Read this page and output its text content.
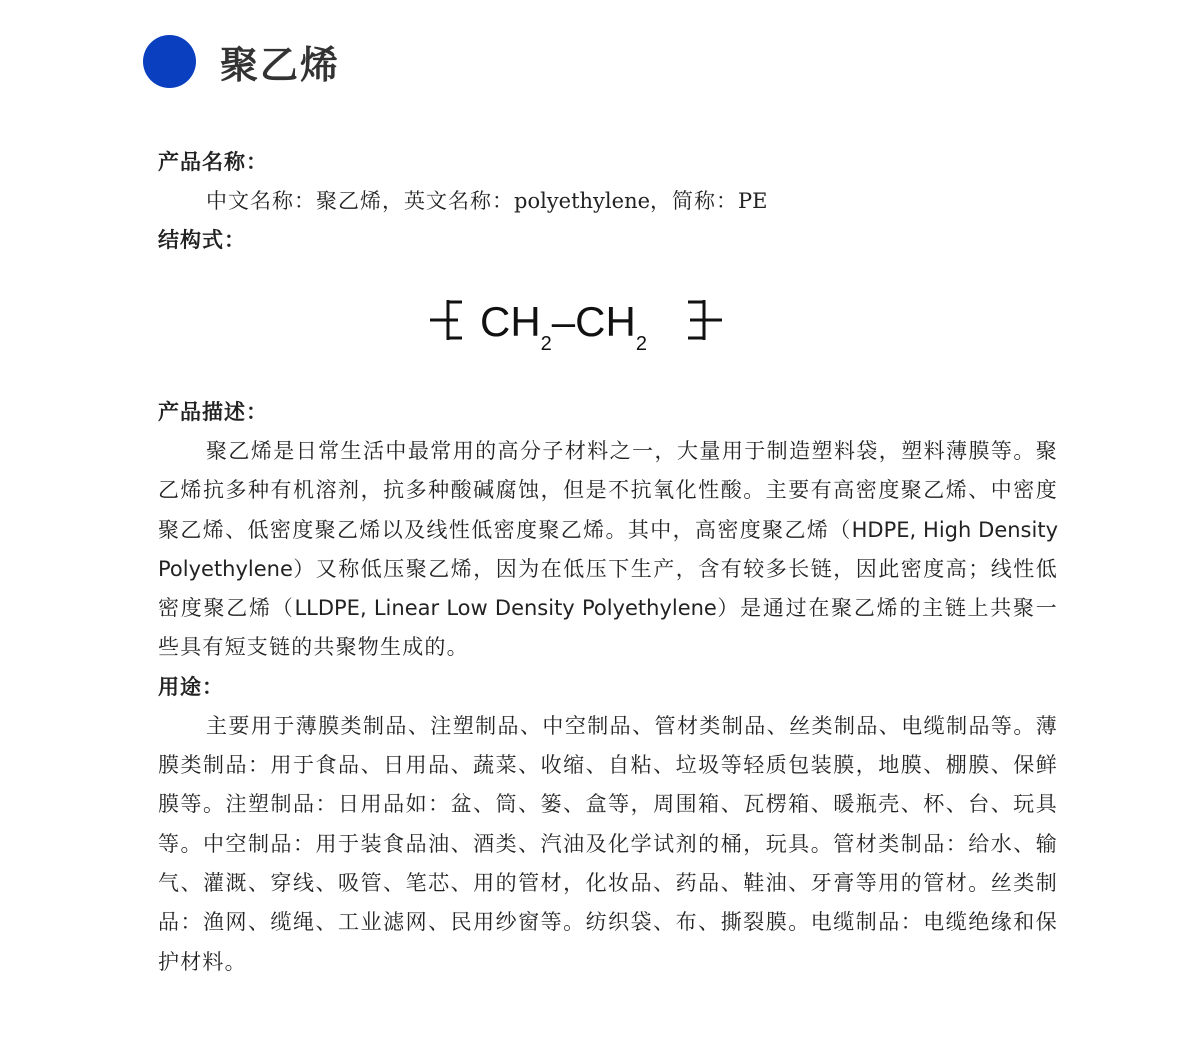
聚乙烯
$CH_2-CH_2$
产品名称：
中文名称：聚乙烯，英文名称：polyethylene，简称：PE
结构式：
产品描述：

聚乙烯是日常生活中最常用的高分子材料之一，大量用于制造塑料袋，塑料薄膜等。聚乙烯抗多种有机溶剂，抗多种酸碱腐蚀，但是不抗氧化性酸。主要有高密度聚乙烯、中密度聚乙烯、低密度聚乙烯以及线性低密度聚乙烯。其中，高密度聚乙烯（HDPE, High Density Polyethylene）又称低压聚乙烯，因为在低压下生产，含有较多长链，因此密度高；线性低密度聚乙烯（LLDPE, Linear Low Density Polyethylene）是通过在聚乙烯的主链上共聚一些具有短支链的共聚物生成的。

用途：

主要用于薄膜类制品、注塑制品、中空制品、管材类制品、丝类制品、电缆制品等。薄膜类制品：用于食品、日用品、蔬菜、收缩、自粘、垃圾等轻质包装膜，地膜、棚膜、保鲜膜等。注塑制品：日用品如：盆、筒、篓、盒等，周围箱、瓦楞箱、暖瓶壳、杯、台、玩具等。中空制品：用于装食品油、酒类、汽油及化学试剂的桶，玩具。管材类制品：给水、输气、灌溉、穿线、吸管、笔芯、用的管材，化妆品、药品、鞋油、牙膏等用的管材。丝类制品：渔网、缆绳、工业滤网、民用纱窗等。纺织袋、布、撕裂膜。电缆制品：电缆绝缘和保护材料。
